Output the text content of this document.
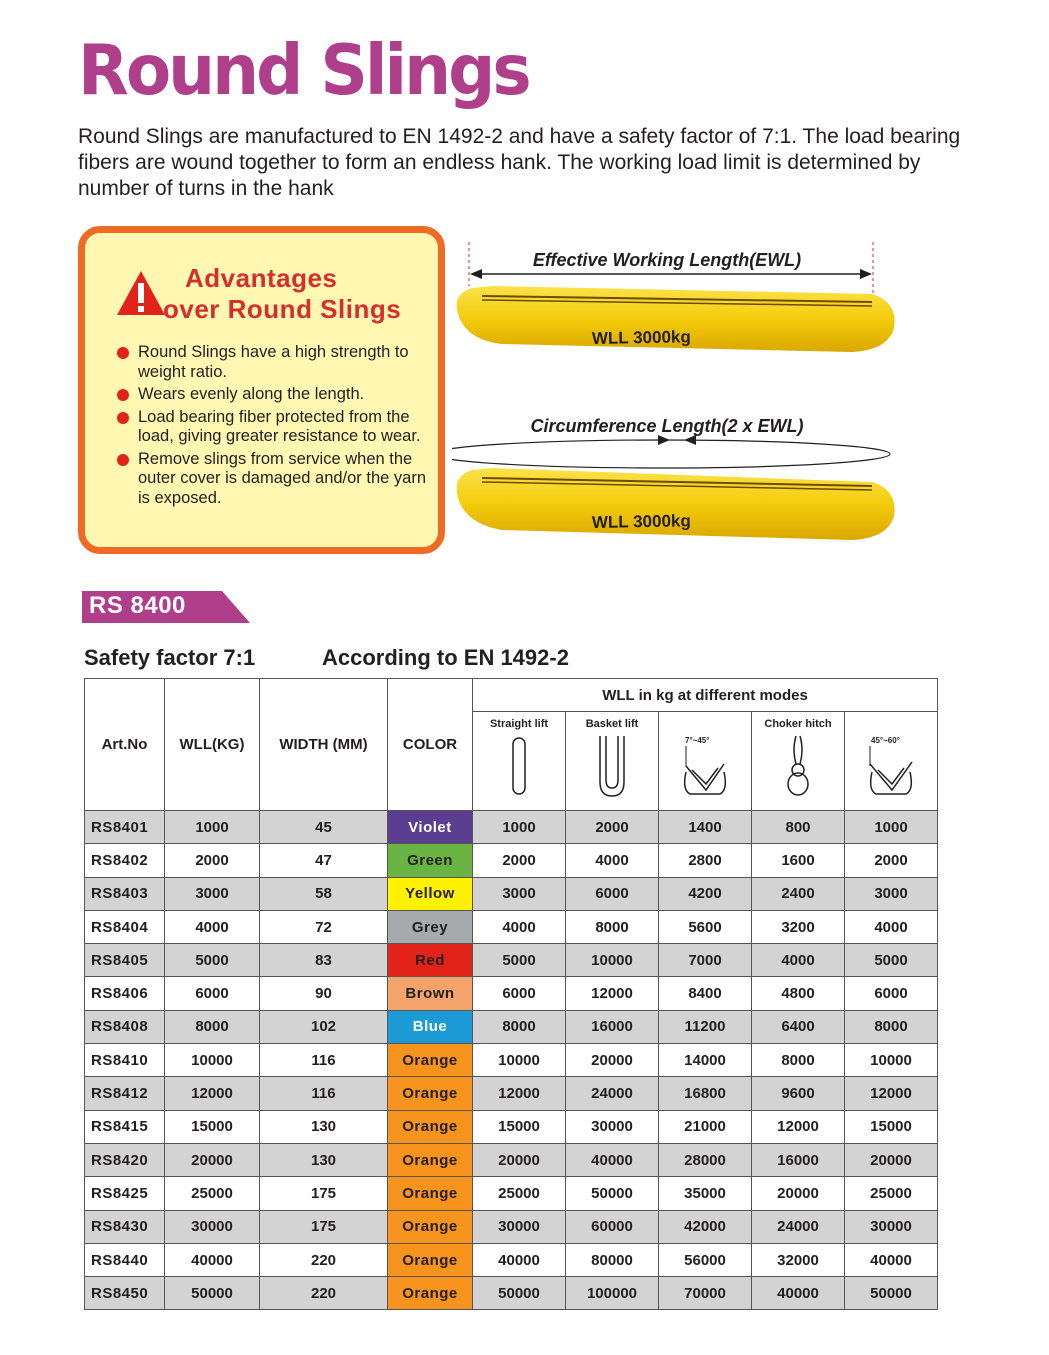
Round Slings

Round Slings are manufactured to EN 1492-2 and have a safety factor of 7:1. The load bearing fibers are wound together to form an endless hank. The working load limit is determined by number of turns in the hank

Advantages
over Round Slings
Round Slings have a high strength to weight ratio.
Wears evenly along the length.
Load bearing fiber protected from the load, giving greater resistance to wear.
Remove slings from service when the outer cover is damaged and/or the yarn is exposed.
Effective Working Length(EWL)
WLL 3000kg
Circumference Length(2 x EWL)
WLL 3000kg
RS 8400
Safety factor 7:1	According to EN 1492-2
Art.No	WLL(KG)	WIDTH (MM)	COLOR	WLL in kg at different modes				

				Straight lift	Basket lift	7°~45°	Choker hitch	45°~60°

RS8401	1000	45	Violet	1000	2000	1400	800	1000
RS8402	2000	47	Green	2000	4000	2800	1600	2000
RS8403	3000	58	Yellow	3000	6000	4200	2400	3000
RS8404	4000	72	Grey	4000	8000	5600	3200	4000
RS8405	5000	83	Red	5000	10000	7000	4000	5000
RS8406	6000	90	Brown	6000	12000	8400	4800	6000
RS8408	8000	102	Blue	8000	16000	11200	6400	8000
RS8410	10000	116	Orange	10000	20000	14000	8000	10000
RS8412	12000	116	Orange	12000	24000	16800	9600	12000
RS8415	15000	130	Orange	15000	30000	21000	12000	15000
RS8420	20000	130	Orange	20000	40000	28000	16000	20000
RS8425	25000	175	Orange	25000	50000	35000	20000	25000
RS8430	30000	175	Orange	30000	60000	42000	24000	30000
RS8440	40000	220	Orange	40000	80000	56000	32000	40000
RS8450	50000	220	Orange	50000	100000	70000	40000	50000
